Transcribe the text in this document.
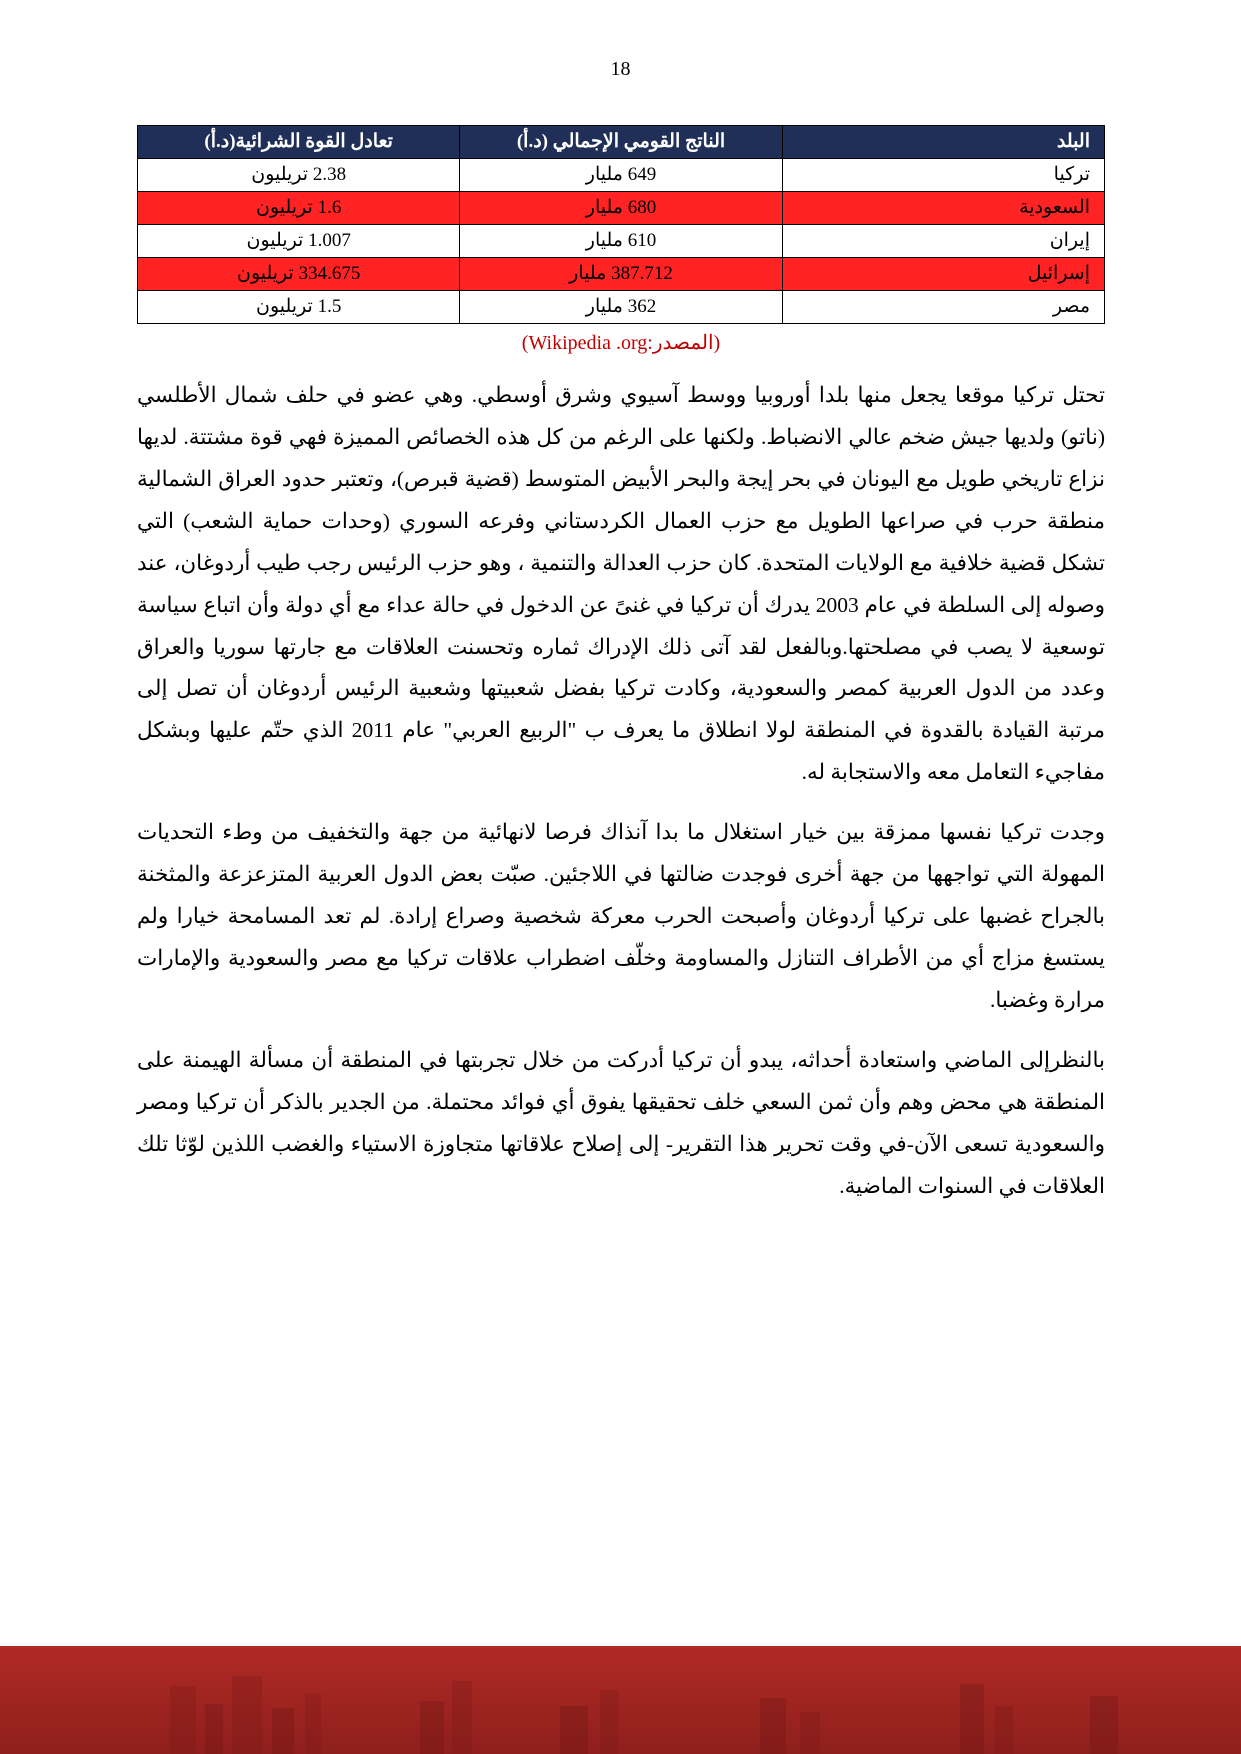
18
البلد	الناتج القومي الإجمالي (د.أ)	تعادل القوة الشرائية(د.أ)
تركيا	649 مليار	2.38 تريليون
السعودية	680 مليار	1.6 تريليون
إيران	610 مليار	1.007 تريليون
إسرائيل	387.712 مليار	334.675 تريليون
مصر	362 مليار	1.5 تريليون
(المصدر:Wikipedia .org)

تحتل تركيا موقعا يجعل منها بلدا أوروبيا ووسط آسيوي وشرق أوسطي. وهي عضو في حلف شمال الأطلسي (ناتو) ولديها جيش ضخم عالي الانضباط. ولكنها على الرغم من كل هذه الخصائص المميزة فهي قوة مشتتة. لديها نزاع تاريخي طويل مع اليونان في بحر إيجة والبحر الأبيض المتوسط (قضية قبرص)، وتعتبر حدود العراق الشمالية منطقة حرب في صراعها الطويل مع حزب العمال الكردستاني وفرعه السوري (وحدات حماية الشعب) التي تشكل قضية خلافية مع الولايات المتحدة. كان حزب العدالة والتنمية ، وهو حزب الرئيس رجب طيب أردوغان، عند وصوله إلى السلطة في عام 2003 يدرك أن تركيا في غنىً عن الدخول في حالة عداء مع أي دولة وأن اتباع سياسة توسعية لا يصب في مصلحتها.وبالفعل لقد آتى ذلك الإدراك ثماره وتحسنت العلاقات مع جارتها سوريا والعراق وعدد من الدول العربية كمصر والسعودية، وكادت تركيا بفضل شعبيتها وشعبية الرئيس أردوغان أن تصل إلى مرتبة القيادة بالقدوة في المنطقة لولا انطلاق ما يعرف ب "الربيع العربي" عام 2011 الذي حتّم عليها وبشكل مفاجيء التعامل معه والاستجابة له.

وجدت تركيا نفسها ممزقة بين خيار استغلال ما بدا آنذاك فرصا لانهائية من جهة والتخفيف من وطء التحديات المهولة التي تواجهها من جهة أخرى فوجدت ضالتها في اللاجئين. صبّت بعض الدول العربية المتزعزعة والمثخنة بالجراح غضبها على تركيا أردوغان وأصبحت الحرب معركة شخصية وصراع إرادة. لم تعد المسامحة خيارا ولم يستسغ مزاج أي من الأطراف التنازل والمساومة وخلّف اضطراب علاقات تركيا مع مصر والسعودية والإمارات مرارة وغضبا.

بالنظرإلى الماضي واستعادة أحداثه، يبدو أن تركيا أدركت من خلال تجربتها في المنطقة أن مسألة الهيمنة على المنطقة هي محض وهم وأن ثمن السعي خلف تحقيقها يفوق أي فوائد محتملة. من الجدير بالذكر أن تركيا ومصر والسعودية تسعى الآن-في وقت تحرير هذا التقرير- إلى إصلاح علاقاتها متجاوزة الاستياء والغضب اللذين لوّثا تلك العلاقات في السنوات الماضية.
